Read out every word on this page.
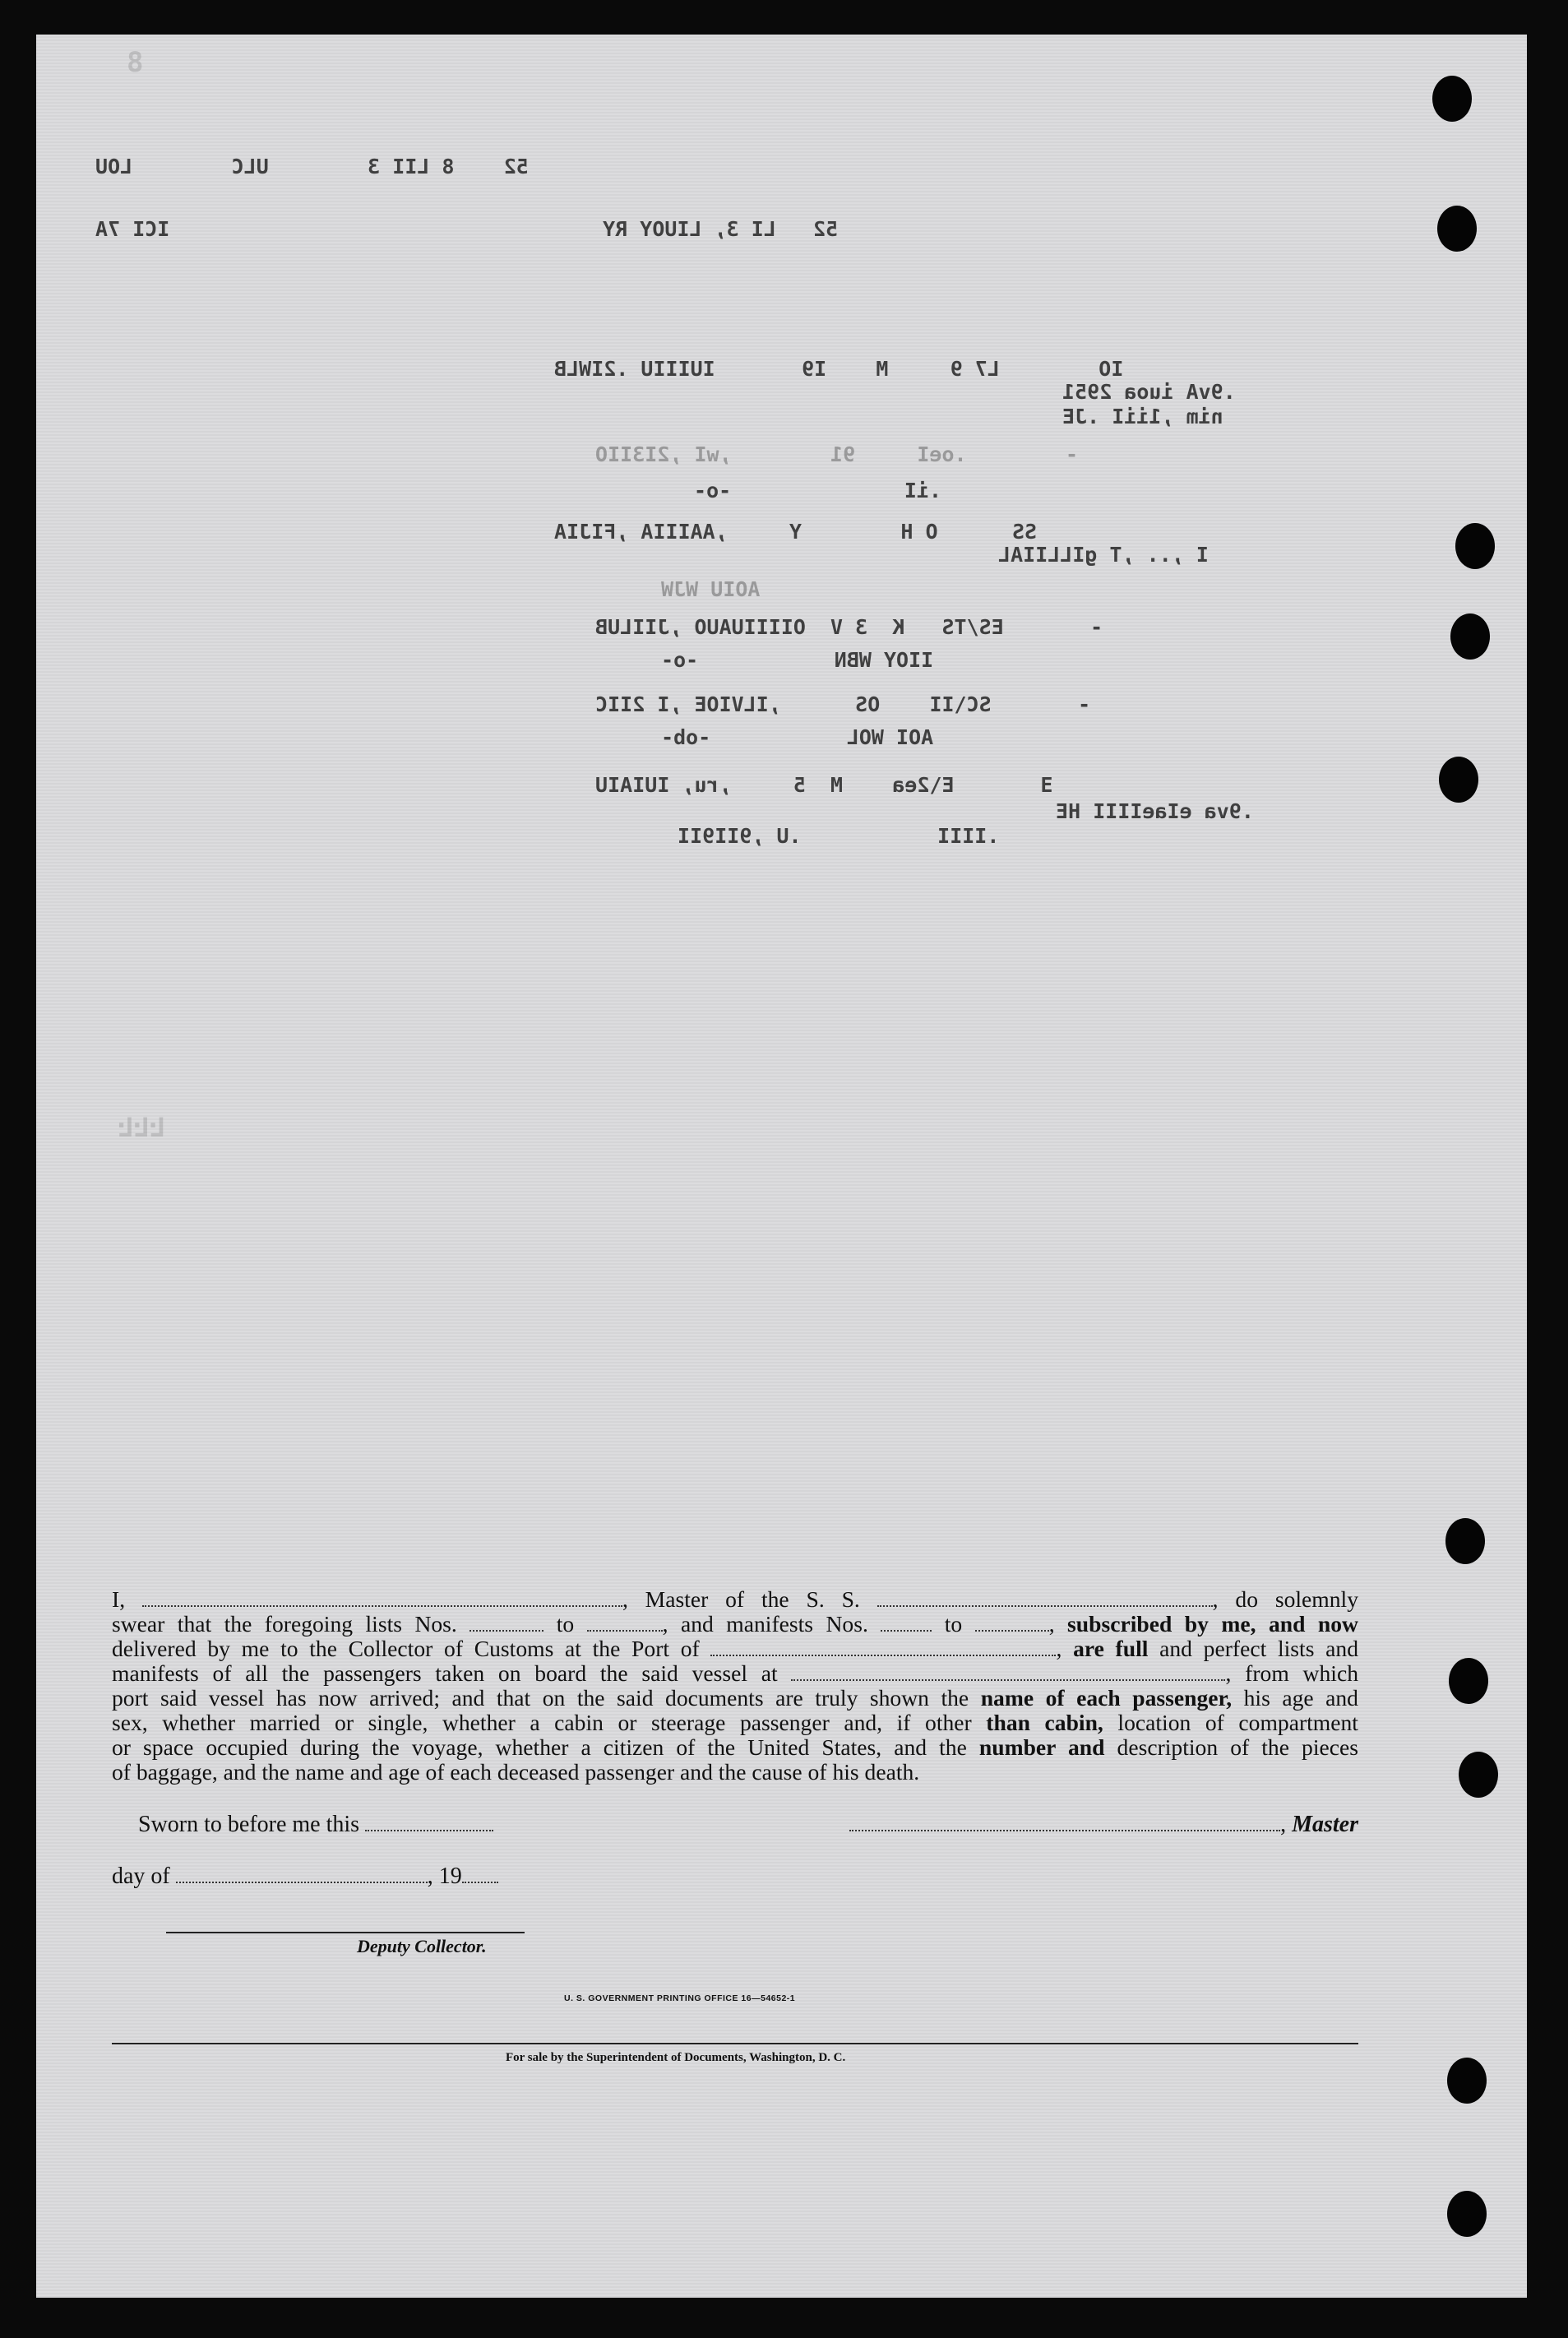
8
52    8 LII 3        ULC        LOU
52   LI 3, LIUOY RY                                   ICI 7A
IO        L7 9     M    I9       IUIIIU .2IWLB
.9vA iuoa 2951
nim ,1iiI .JE
-        .oeI     91        ,wI ,2I3IIO
.iI              -o-
SS      O H        Y     ,AAIIIA ,FIJIA
I ,.. ,T gILLIIAL
AOIU WJW
-       ES/TS   K  3 V  OIIIIUAUO ,JIILUB
IIOY WBN           -o-
-       SC\II    OS      ,ILVIOE ,I 2IIC
AOI WOL           -ob-
Ǝ       E\2ea    M  5     ,ru, IUIAIU
.9va eIaeIIII HE
.IIII           .U ,9II9II
ĿĿĿ
I,	, Master of the S. S.	, do solemnly
swear that the foregoing lists Nos.	to	, and manifests Nos.	to	, subscribed by me, and now
delivered by me to the Collector of Customs at the Port of	, are full and perfect lists and
manifests of all the passengers taken on board the said vessel at	, from which
port said vessel has now arrived; and that on the said documents are truly shown the name of each passenger, his age and
sex, whether married or single, whether a cabin or steerage passenger and, if other than cabin, location of compartment
or space occupied during the voyage, whether a citizen of the United States, and the number and description of the pieces
of baggage, and the name and age of each deceased passenger and the cause of his death.
Sworn to before me this	, Master
day of	, 19
Deputy Collector.
U. S. GOVERNMENT PRINTING OFFICE 16—54652-1
For sale by the Superintendent of Documents, Washington, D. C.
